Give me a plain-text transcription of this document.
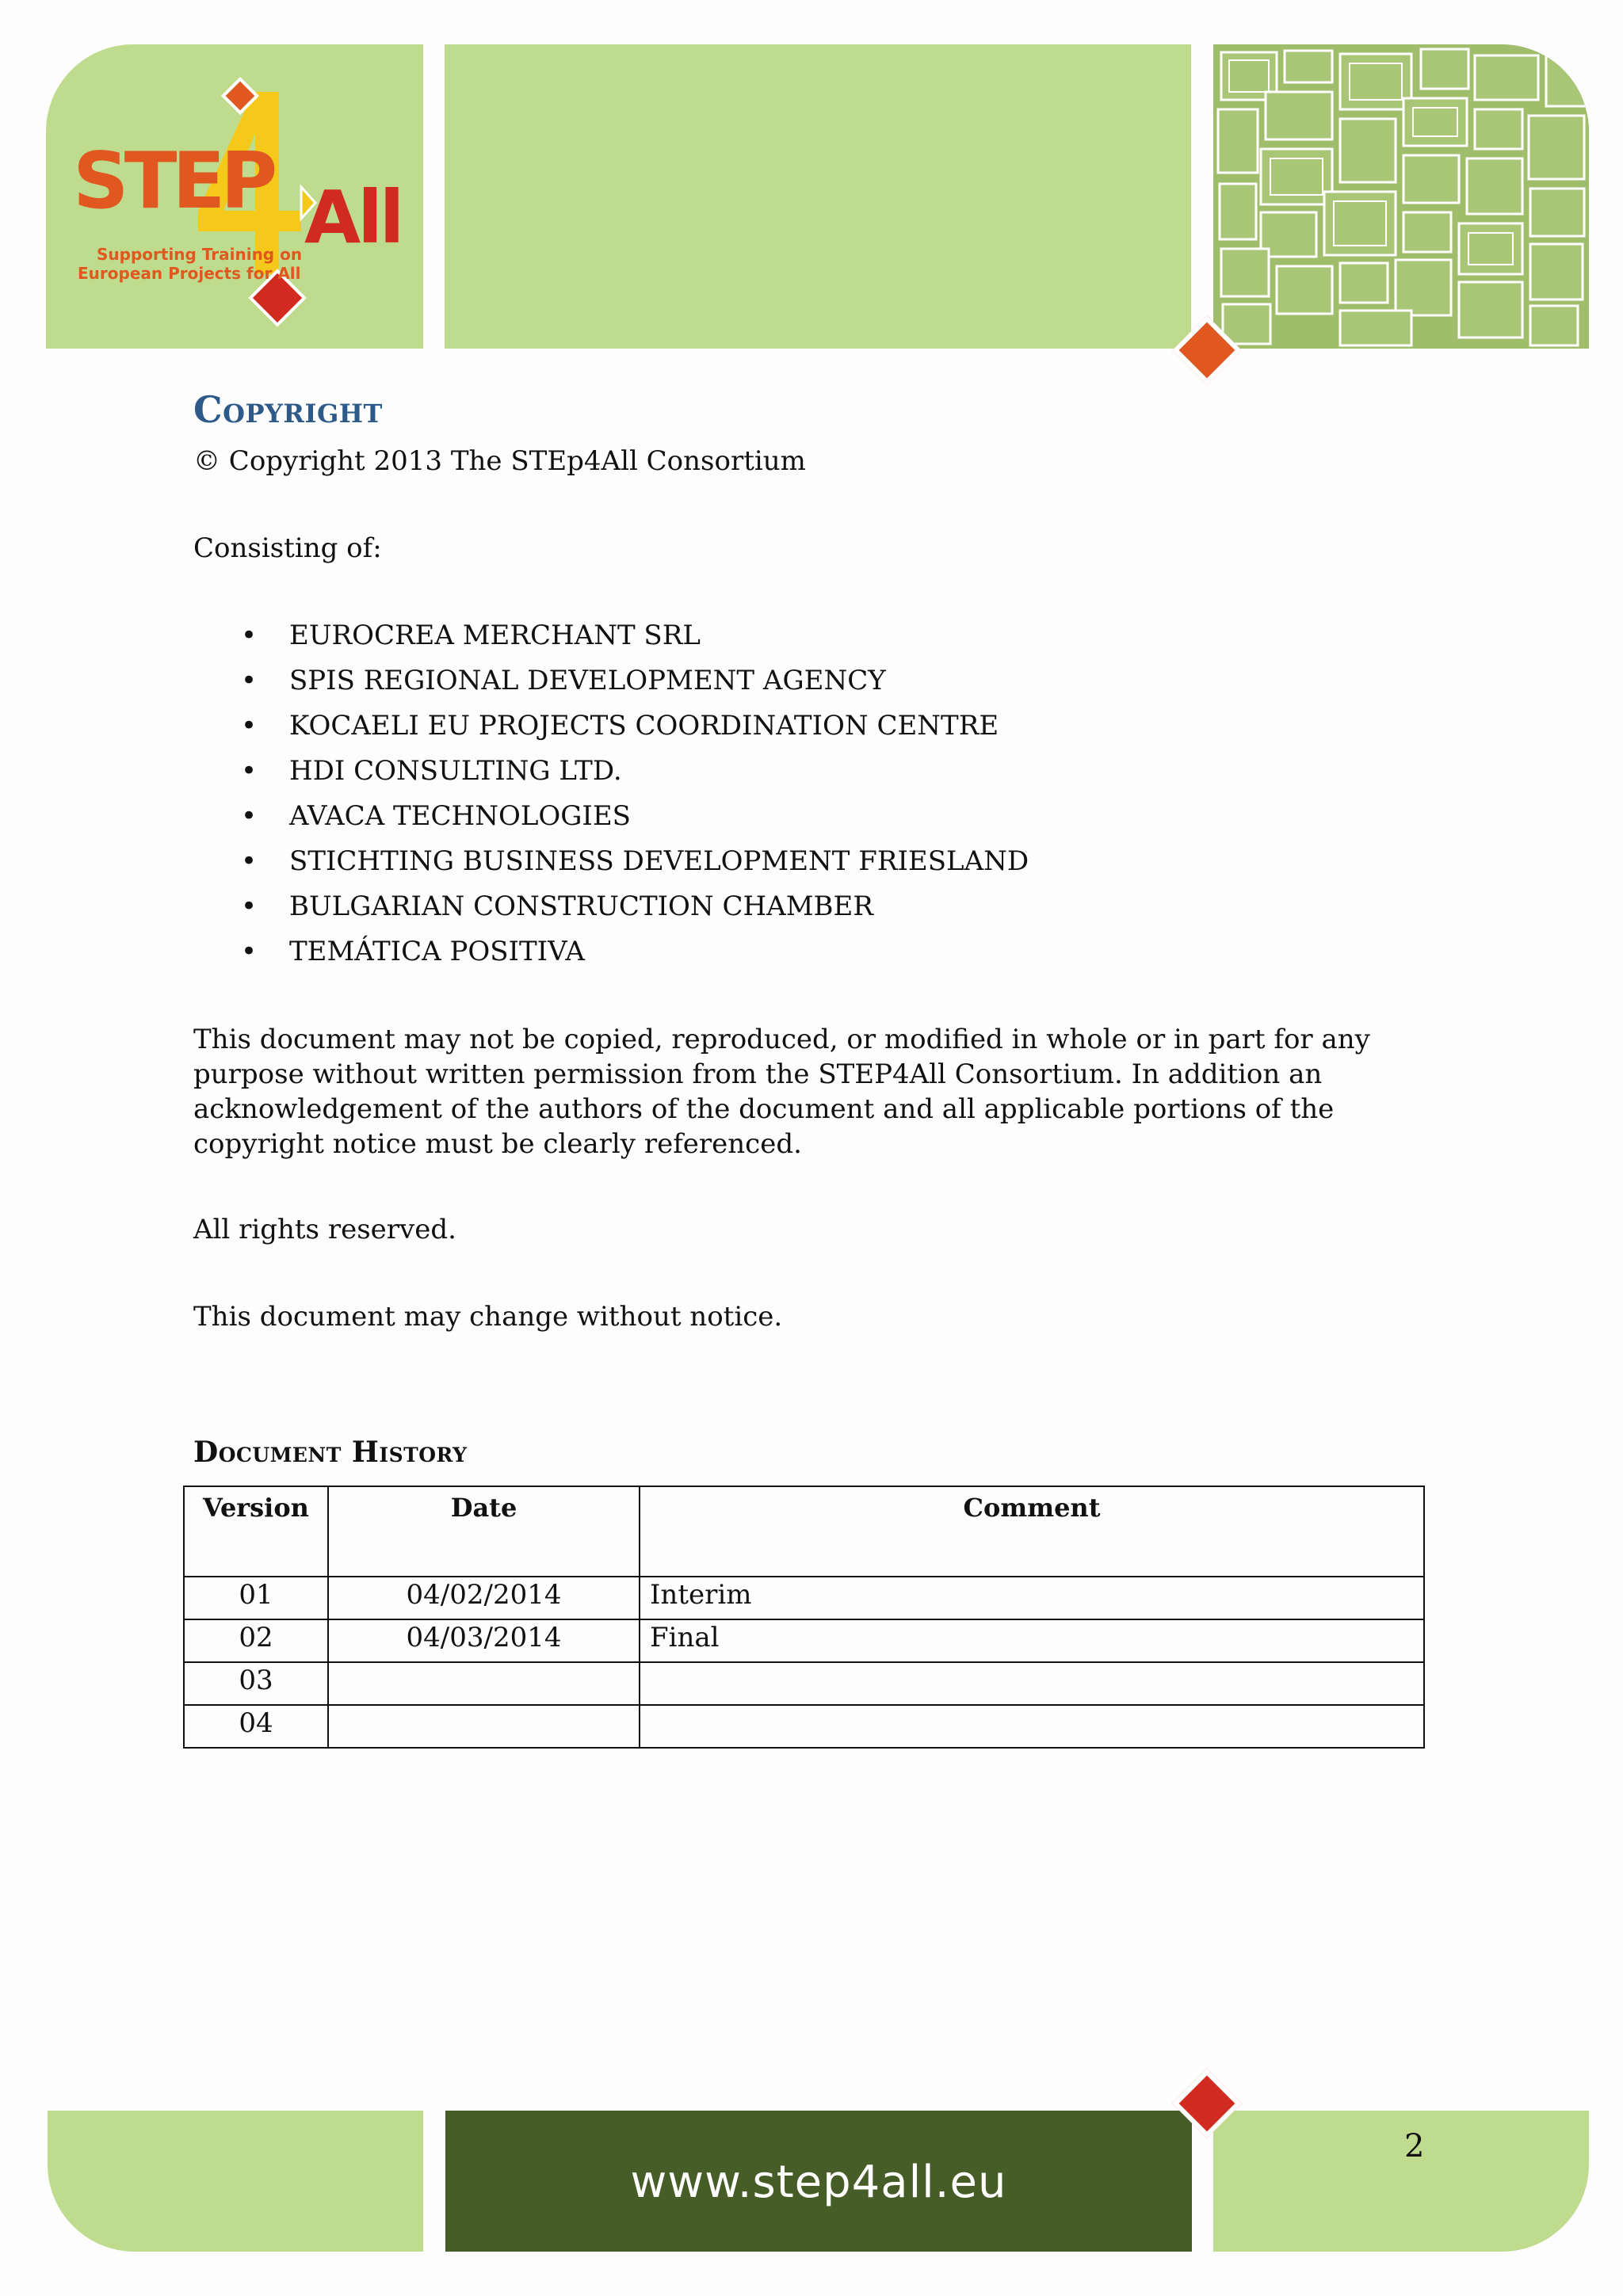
STEP All
Supporting Training on
European Projects for All
Copyright
© Copyright 2013 The STEp4All Consortium
Consisting of:
• EUROCREA MERCHANT SRL
• SPIS REGIONAL DEVELOPMENT AGENCY
• KOCAELI EU PROJECTS COORDINATION CENTRE
• HDI CONSULTING LTD.
• AVACA TECHNOLOGIES
• STICHTING BUSINESS DEVELOPMENT FRIESLAND
• BULGARIAN CONSTRUCTION CHAMBER
• TEMÁTICA POSITIVA
This document may not be copied, reproduced, or modified in whole or in part for any purpose without written permission from the STEP4All Consortium. In addition an acknowledgement of the authors of the document and all applicable portions of the copyright notice must be clearly referenced.
All rights reserved.
This document may change without notice.
Document History
Version	Date	Comment
01	04/02/2014	Interim
02	04/03/2014	Final
03		
04		
www.step4all.eu
2
